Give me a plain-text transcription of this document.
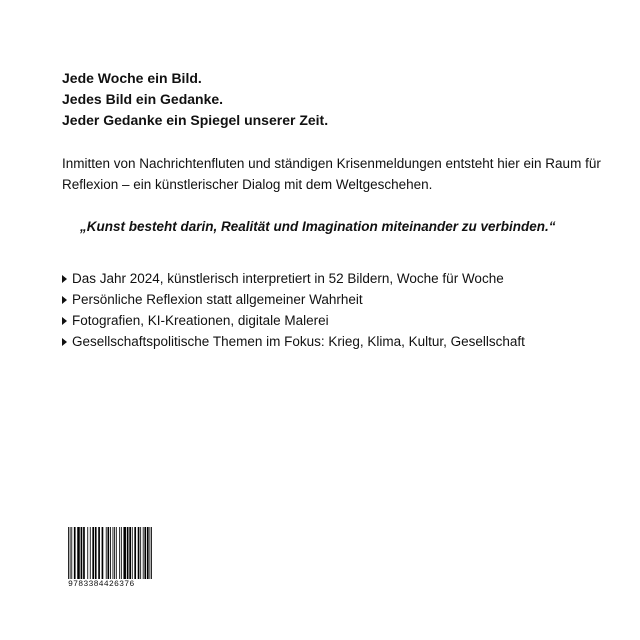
Jede Woche ein Bild.
Jedes Bild ein Gedanke.
Jeder Gedanke ein Spiegel unserer Zeit.
Inmitten von Nachrichtenfluten und ständigen Krisenmeldungen entsteht hier ein Raum für
Reflexion – ein künstlerischer Dialog mit dem Weltgeschehen.
„Kunst besteht darin, Realität und Imagination miteinander zu verbinden.“
Das Jahr 2024, künstlerisch interpretiert in 52 Bildern, Woche für Woche
Persönliche Reflexion statt allgemeiner Wahrheit
Fotografien, KI-Kreationen, digitale Malerei
Gesellschaftspolitische Themen im Fokus: Krieg, Klima, Kultur, Gesellschaft
9783384426376
